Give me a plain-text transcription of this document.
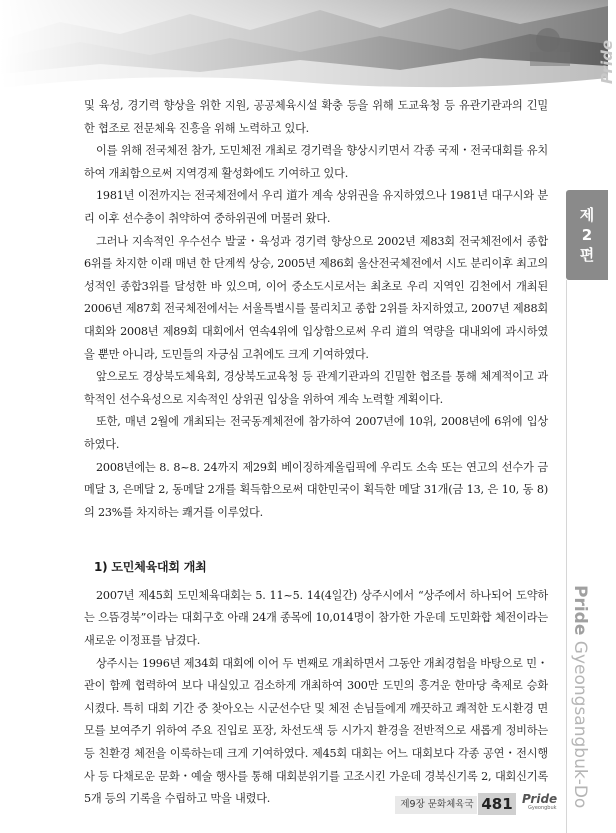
Pride

및 육성, 경기력 향상을 위한 지원, 공공체육시설 확충 등을 위해 도교육청 등 유관기관과의 긴밀한 협조로 전문체육 진흥을 위해 노력하고 있다.

이를 위해 전국체전 참가, 도민체전 개최로 경기력을 향상시키면서 각종 국제・전국대회를 유치하여 개최함으로써 지역경제 활성화에도 기여하고 있다.

1981년 이전까지는 전국체전에서 우리 道가 계속 상위권을 유지하였으나 1981년 대구시와 분리 이후 선수층이 취약하여 중하위권에 머물러 왔다.

그러나 지속적인 우수선수 발굴・육성과 경기력 향상으로 2002년 제83회 전국체전에서 종합 6위를 차지한 이래 매년 한 단계씩 상승, 2005년 제86회 울산전국체전에서 시도 분리이후 최고의 성적인 종합3위를 달성한 바 있으며, 이어 중소도시로서는 최초로 우리 지역인 김천에서 개최된 2006년 제87회 전국체전에서는 서울특별시를 물리치고 종합 2위를 차지하였고, 2007년 제88회 대회와 2008년 제89회 대회에서 연속4위에 입상함으로써 우리 道의 역량을 대내외에 과시하였을 뿐만 아니라, 도민들의 자긍심 고취에도 크게 기여하였다.

앞으로도 경상북도체육회, 경상북도교육청 등 관계기관과의 긴밀한 협조를 통해 체계적이고 과학적인 선수육성으로 지속적인 상위권 입상을 위하여 계속 노력할 계획이다.

또한, 매년 2월에 개최되는 전국동계체전에 참가하여 2007년에 10위, 2008년에 6위에 입상하였다.

2008년에는 8. 8~8. 24까지 제29회 베이징하계올림픽에 우리도 소속 또는 연고의 선수가 금메달 3, 은메달 2, 동메달 2개를 획득함으로써 대한민국이 획득한 메달 31개(금 13, 은 10, 동 8)의 23%를 차지하는 쾌거를 이루었다.

1) 도민체육대회 개최

2007년 제45회 도민체육대회는 5. 11~5. 14(4일간) 상주시에서 “상주에서 하나되어 도약하는 으뜸경북”이라는 대회구호 아래 24개 종목에 10,014명이 참가한 가운데 도민화합 체전이라는 새로운 이정표를 남겼다.

상주시는 1996년 제34회 대회에 이어 두 번째로 개최하면서 그동안 개최경험을 바탕으로 민・관이 함께 협력하여 보다 내실있고 검소하게 개최하여 300만 도민의 흥겨운 한마당 축제로 승화시켰다. 특히 대회 기간 중 찾아오는 시군선수단 및 체전 손님들에게 깨끗하고 쾌적한 도시환경 면모를 보여주기 위하여 주요 진입로 포장, 차선도색 등 시가지 환경을 전반적으로 새롭게 정비하는 등 친환경 체전을 이룩하는데 크게 기여하였다. 제45회 대회는 어느 대회보다 각종 공연・전시행사 등 다채로운 문화・예술 행사를 통해 대회분위기를 고조시킨 가운데 경북신기록 2, 대회신기록 5개 등의 기록을 수립하고 막을 내렸다.

제
2
편
Pride Gyeongsangbuk-Do
제9장 문화체육국 481 Pride
Gyeongbuk
